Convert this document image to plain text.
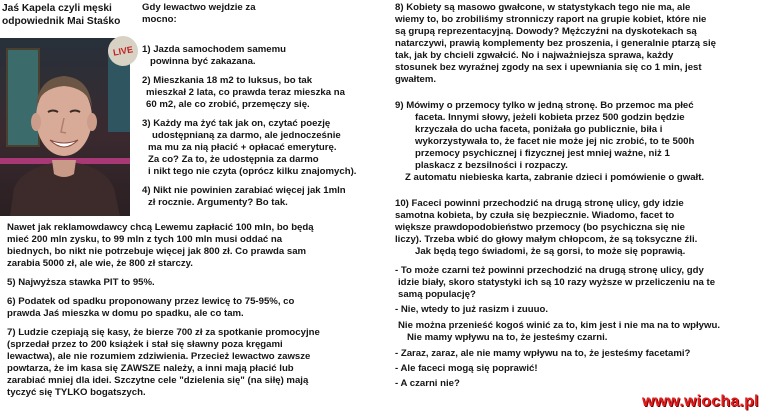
Jaś Kapela czyli męski

odpowiednik Mai Staśko

LIVE

Gdy lewactwo wejdzie za

mocno:

1) Jazda samochodem samemu

powinna być zakazana.

2) Mieszkania 18 m2 to luksus, bo tak

mieszkał 2 lata, co prawda teraz mieszka na

60 m2, ale co zrobić, przemęczy się.

3) Każdy ma żyć tak jak on, czytać poezję

udostępnianą za darmo, ale jednocześnie

ma mu za nią płacić + opłacać emeryturę.

Za co? Za to, że udostępnia za darmo

i nikt tego nie czyta (oprócz kilku znajomych).

4) Nikt nie powinien zarabiać więcej jak 1mln

zł rocznie. Argumenty? Bo tak.

Nawet jak reklamowdawcy chcą Lewemu zapłacić 100 mln, bo będą

mieć 200 mln zysku, to 99 mln z tych 100 mln musi oddać na

biednych, bo nikt nie potrzebuje więcej jak 800 zł. Co prawda sam

zarabia 5000 zł, ale wie, że 800 zł starczy.

5) Najwyższa stawka PIT to 95%.

6) Podatek od spadku proponowany przez lewicę to 75-95%, co

prawda Jaś mieszka w domu po spadku, ale co tam.

7) Ludzie czepiają się kasy, że bierze 700 zł za spotkanie promocyjne

(sprzedał przez to 200 książek i stał się sławny poza kręgami

lewactwa), ale nie rozumiem zdziwienia. Przecież lewactwo zawsze

powtarza, że im kasa się ZAWSZE należy, a inni mają płacić lub

zarabiać mniej dla idei. Szczytne cele "dzielenia się" (na siłę) mają

tyczyć się TYLKO bogatszych.

8) Kobiety są masowo gwałcone, w statystykach tego nie ma, ale

wiemy to, bo zrobiliśmy stronniczy raport na grupie kobiet, które nie

są grupą reprezentacyjną. Dowody? Mężczyźni na dyskotekach są

natarczywi, prawią komplementy bez proszenia, i generalnie ptarzą się

tak, jak by chcieli zgwałcić. No i najważniejsza sprawa, każdy

stosunek bez wyraźnej zgody na sex i upewniania się co 1 min, jest

gwałtem.

9) Mówimy o przemocy tylko w jedną stronę. Bo przemoc ma płeć

faceta. Innymi słowy, jeżeli kobieta przez 500 godzin będzie

krzyczała do ucha faceta, poniżała go publicznie, biła i

wykorzystywała to, że facet nie może jej nic zrobić, to te 500h

przemocy psychicznej i fizycznej jest mniej ważne, niż 1

plaskacz z bezsilności i rozpaczy.

Z automatu niebieska karta, zabranie dzieci i pomówienie o gwałt.

10) Faceci powinni przechodzić na drugą stronę ulicy, gdy idzie

samotna kobieta, by czuła się bezpiecznie. Wiadomo, facet to

większe prawdopodobieństwo przemocy (bo psychiczna się nie

liczy). Trzeba wbić do głowy małym chłopcom, że są toksyczne źli.

Jak będą tego świadomi, że są gorsi, to może się poprawią.

- To może czarni też powinni przechodzić na drugą stronę ulicy, gdy

idzie biały, skoro statystyki ich są 10 razy wyższe w przeliczeniu na te

samą populację?

- Nie, wtedy to już rasizm i zuuuo.

Nie można przenieść kogoś winić za to, kim jest i nie ma na to wpływu.

Nie mamy wpływu na to, że jesteśmy czarni.

- Zaraz, zaraz, ale nie mamy wpływu na to, że jesteśmy facetami?

- Ale faceci mogą się poprawić!

- A czarni nie?

www.wiocha.pl
